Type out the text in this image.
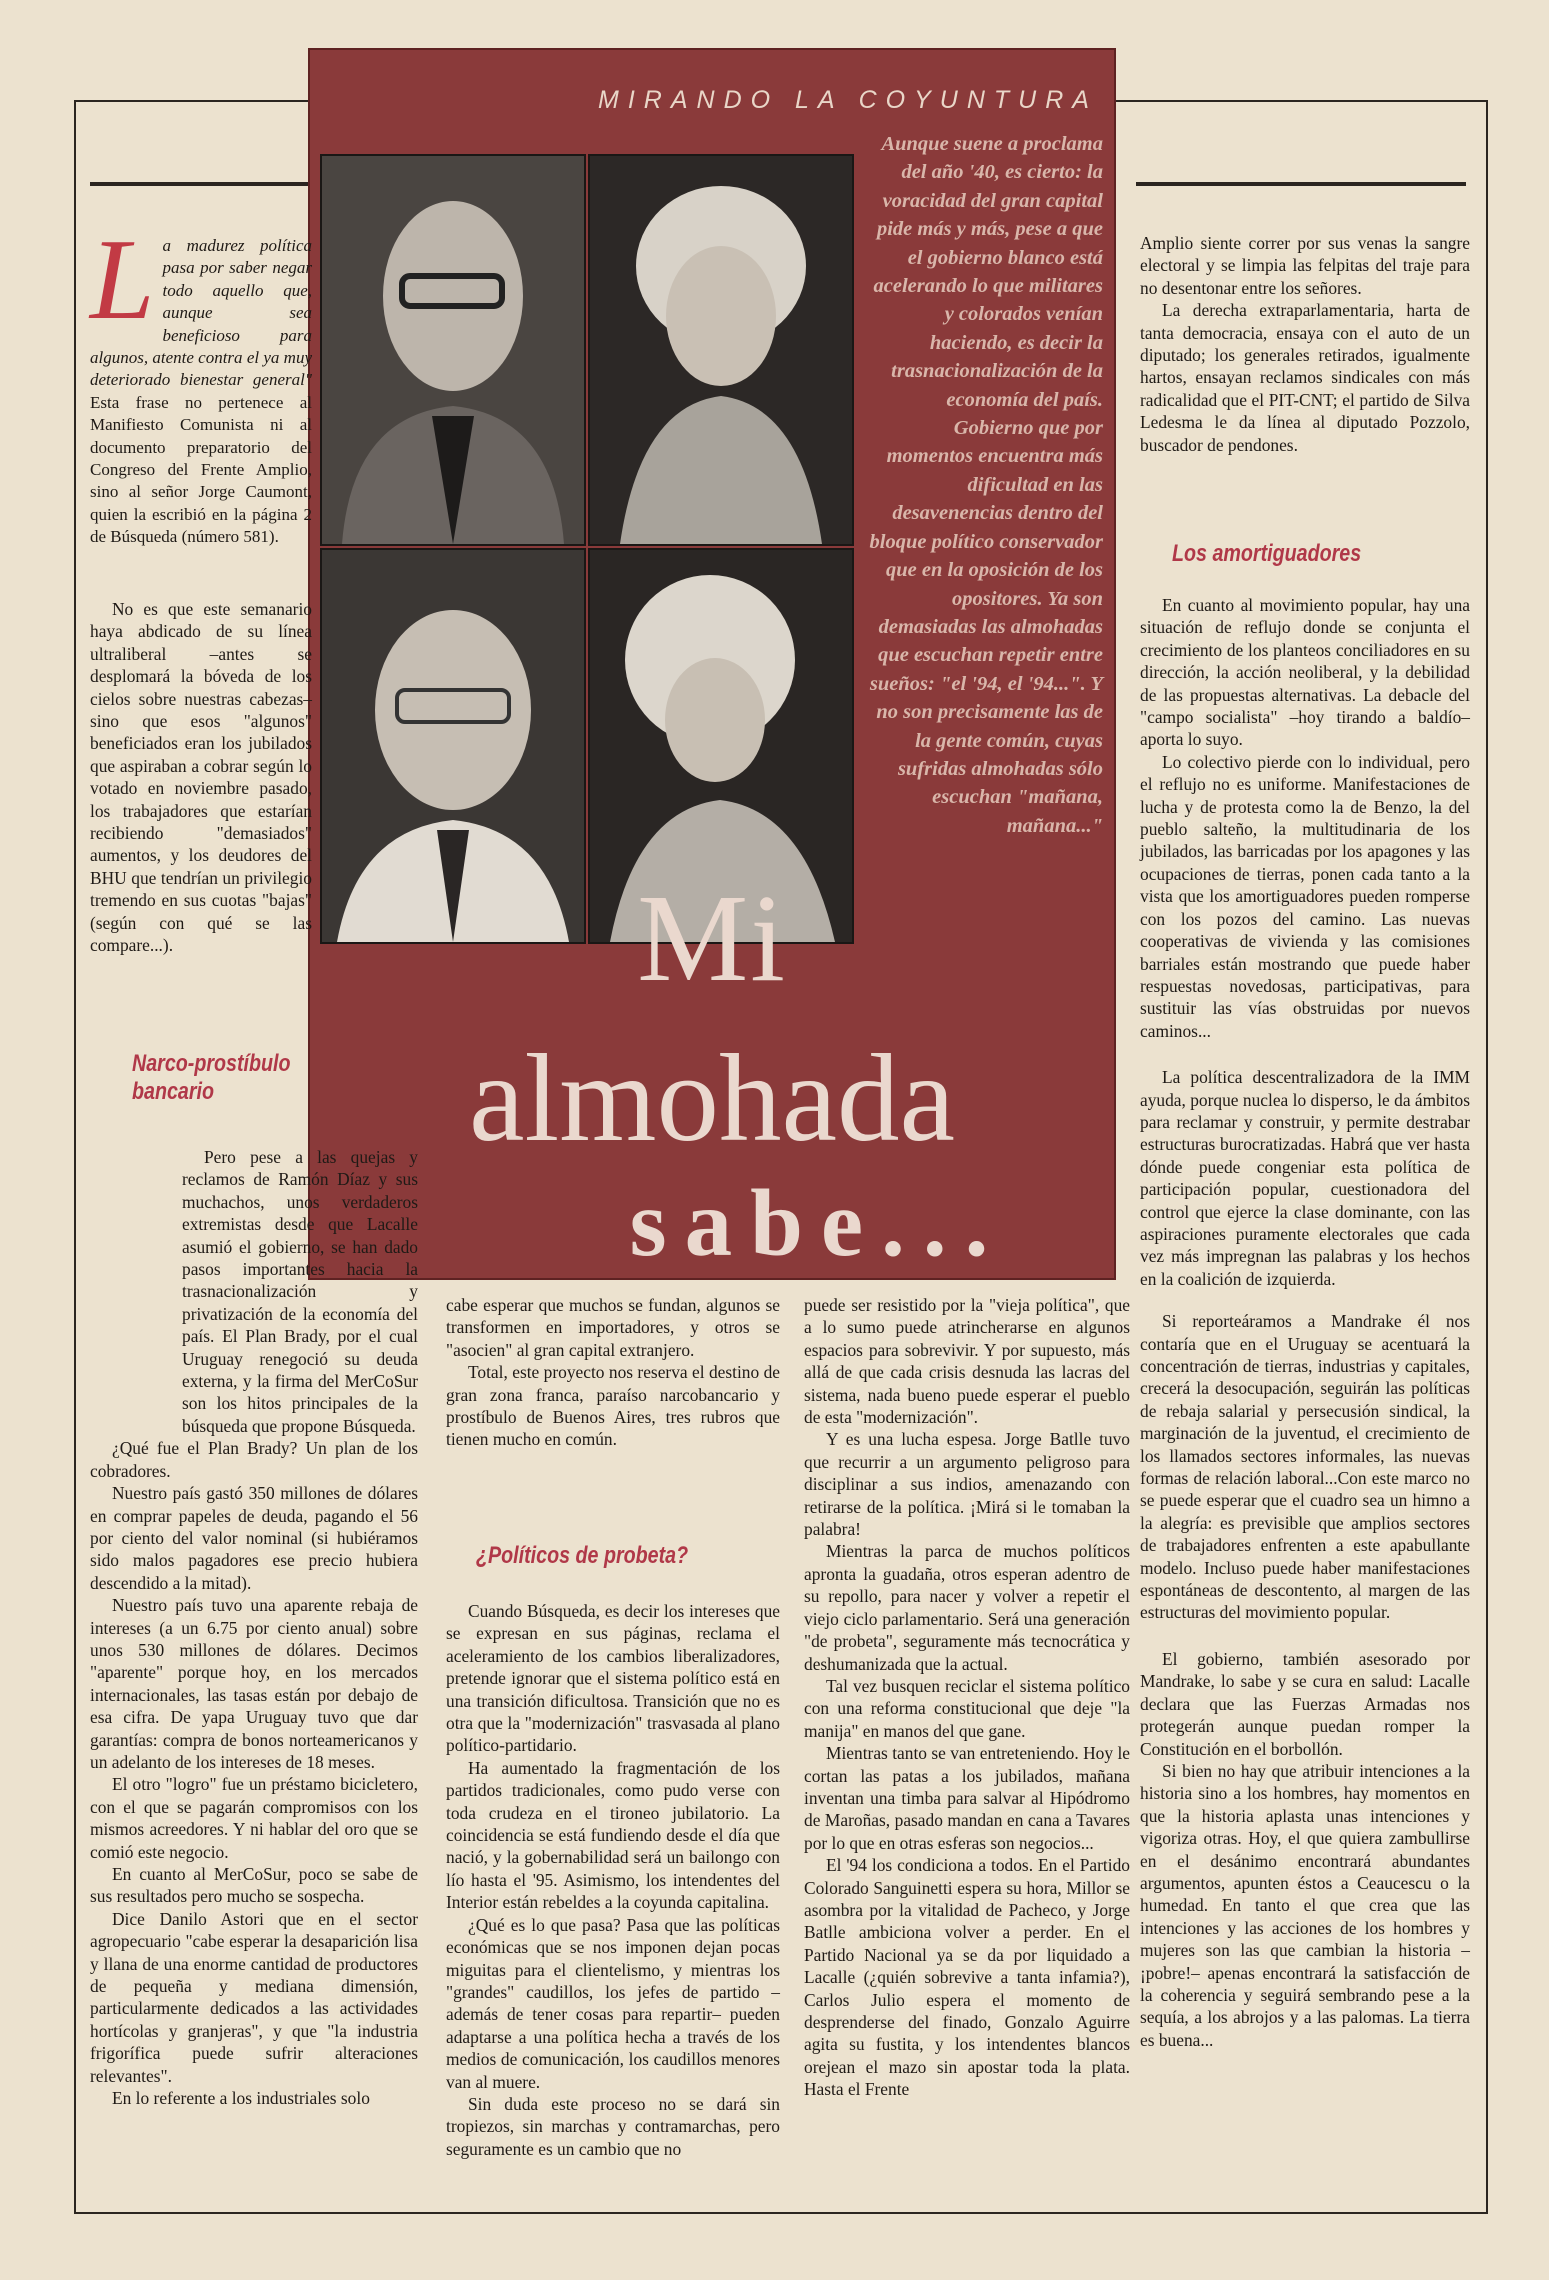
MIRANDO LA COYUNTURA

Aunque suene a proclama del año '40, es cierto: la voracidad del gran capital pide más y más, pese a que el gobierno blanco está acelerando lo que militares y colorados venían haciendo, es decir la trasnacionalización de la economía del país. Gobierno que por momentos encuentra más dificultad en las desavenencias dentro del bloque político conservador que en la oposición de los opositores. Ya son demasiadas las almohadas que escuchan repetir entre sueños: "el '94, el '94...". Y no son precisamente las de la gente común, cuyas sufridas almohadas sólo escuchan "mañana, mañana..."

Mi

almohada

sabe...

L a madurez política pasa por saber negar todo aquello que, aunque sea beneficioso para algunos, atente contra el ya muy deteriorado bienestar general" Esta frase no pertenece al Manifiesto Comunista ni al documento preparatorio del Congreso del Frente Amplio, sino al señor Jorge Caumont, quien la escribió en la página 2 de Búsqueda (número 581).

No es que este semanario haya abdicado de su línea ultraliberal –antes se desplomará la bóveda de los cielos sobre nuestras cabezas– sino que esos "algunos" beneficiados eran los jubilados que aspiraban a cobrar según lo votado en noviembre pasado, los trabajadores que estarían recibiendo "demasiados" aumentos, y los deudores del BHU que tendrían un privilegio tremendo en sus cuotas "bajas" (según con qué se las compare...).

Narco-prostíbulo bancario

Pero pese a las quejas y reclamos de Ramón Díaz y sus muchachos, unos verdaderos extremistas desde que Lacalle asumió el gobierno, se han dado pasos importantes hacia la trasnacionalización y privatización de la economía del país. El Plan Brady, por el cual Uruguay renegoció su deuda externa, y la firma del MerCoSur son los hitos principales de la búsqueda que propone Búsqueda.

¿Qué fue el Plan Brady? Un plan de los cobradores.

Nuestro país gastó 350 millones de dólares en comprar papeles de deuda, pagando el 56 por ciento del valor nominal (si hubiéramos sido malos pagadores ese precio hubiera descendido a la mitad).

Nuestro país tuvo una aparente rebaja de intereses (a un 6.75 por ciento anual) sobre unos 530 millones de dólares. Decimos "aparente" porque hoy, en los mercados internacionales, las tasas están por debajo de esa cifra. De yapa Uruguay tuvo que dar garantías: compra de bonos norteamericanos y un adelanto de los intereses de 18 meses.

El otro "logro" fue un préstamo bicicletero, con el que se pagarán compromisos con los mismos acreedores. Y ni hablar del oro que se comió este negocio.

En cuanto al MerCoSur, poco se sabe de sus resultados pero mucho se sospecha.

Dice Danilo Astori que en el sector agropecuario "cabe esperar la desaparición lisa y llana de una enorme cantidad de productores de pequeña y mediana dimensión, particularmente dedicados a las actividades hortícolas y granjeras", y que "la industria frigorífica puede sufrir alteraciones relevantes".

En lo referente a los industriales solo

cabe esperar que muchos se fundan, algunos se transformen en importadores, y otros se "asocien" al gran capital extranjero.

Total, este proyecto nos reserva el destino de gran zona franca, paraíso narcobancario y prostíbulo de Buenos Aires, tres rubros que tienen mucho en común.

¿Políticos de probeta?

Cuando Búsqueda, es decir los intereses que se expresan en sus páginas, reclama el aceleramiento de los cambios liberalizadores, pretende ignorar que el sistema político está en una transición dificultosa. Transición que no es otra que la "modernización" trasvasada al plano político-partidario.

Ha aumentado la fragmentación de los partidos tradicionales, como pudo verse con toda crudeza en el tironeo jubilatorio. La coincidencia se está fundiendo desde el día que nació, y la gobernabilidad será un bailongo con lío hasta el '95. Asimismo, los intendentes del Interior están rebeldes a la coyunda capitalina.

¿Qué es lo que pasa? Pasa que las políticas económicas que se nos imponen dejan pocas miguitas para el clientelismo, y mientras los "grandes" caudillos, los jefes de partido –además de tener cosas para repartir– pueden adaptarse a una política hecha a través de los medios de comunicación, los caudillos menores van al muere.

Sin duda este proceso no se dará sin tropiezos, sin marchas y contramarchas, pero seguramente es un cambio que no

puede ser resistido por la "vieja política", que a lo sumo puede atrincherarse en algunos espacios para sobrevivir. Y por supuesto, más allá de que cada crisis desnuda las lacras del sistema, nada bueno puede esperar el pueblo de esta "modernización".

Y es una lucha espesa. Jorge Batlle tuvo que recurrir a un argumento peligroso para disciplinar a sus indios, amenazando con retirarse de la política. ¡Mirá si le tomaban la palabra!

Mientras la parca de muchos políticos apronta la guadaña, otros esperan adentro de su repollo, para nacer y volver a repetir el viejo ciclo parlamentario. Será una generación "de probeta", seguramente más tecnocrática y deshumanizada que la actual.

Tal vez busquen reciclar el sistema político con una reforma constitucional que deje "la manija" en manos del que gane.

Mientras tanto se van entreteniendo. Hoy le cortan las patas a los jubilados, mañana inventan una timba para salvar al Hipódromo de Maroñas, pasado mandan en cana a Tavares por lo que en otras esferas son negocios...

El '94 los condiciona a todos. En el Partido Colorado Sanguinetti espera su hora, Millor se asombra por la vitalidad de Pacheco, y Jorge Batlle ambiciona volver a perder. En el Partido Nacional ya se da por liquidado a Lacalle (¿quién sobrevive a tanta infamia?), Carlos Julio espera el momento de desprenderse del finado, Gonzalo Aguirre agita su fustita, y los intendentes blancos orejean el mazo sin apostar toda la plata. Hasta el Frente

Amplio siente correr por sus venas la sangre electoral y se limpia las felpitas del traje para no desentonar entre los señores.

La derecha extraparlamentaria, harta de tanta democracia, ensaya con el auto de un diputado; los generales retirados, igualmente hartos, ensayan reclamos sindicales con más radicalidad que el PIT-CNT; el partido de Silva Ledesma le da línea al diputado Pozzolo, buscador de pendones.

Los amortiguadores

En cuanto al movimiento popular, hay una situación de reflujo donde se conjunta el crecimiento de los planteos conciliadores en su dirección, la acción neoliberal, y la debilidad de las propuestas alternativas. La debacle del "campo socialista" –hoy tirando a baldío– aporta lo suyo.

Lo colectivo pierde con lo individual, pero el reflujo no es uniforme. Manifestaciones de lucha y de protesta como la de Benzo, la del pueblo salteño, la multitudinaria de los jubilados, las barricadas por los apagones y las ocupaciones de tierras, ponen cada tanto a la vista que los amortiguadores pueden romperse con los pozos del camino. Las nuevas cooperativas de vivienda y las comisiones barriales están mostrando que puede haber respuestas novedosas, participativas, para sustituir las vías obstruidas por nuevos caminos...

La política descentralizadora de la IMM ayuda, porque nuclea lo disperso, le da ámbitos para reclamar y construir, y permite destrabar estructuras burocratizadas. Habrá que ver hasta dónde puede congeniar esta política de participación popular, cuestionadora del control que ejerce la clase dominante, con las aspiraciones puramente electorales que cada vez más impregnan las palabras y los hechos en la coalición de izquierda.

Si reporteáramos a Mandrake él nos contaría que en el Uruguay se acentuará la concentración de tierras, industrias y capitales, crecerá la desocupación, seguirán las políticas de rebaja salarial y persecusión sindical, la marginación de la juventud, el crecimiento de los llamados sectores informales, las nuevas formas de relación laboral...Con este marco no se puede esperar que el cuadro sea un himno a la alegría: es previsible que amplios sectores de trabajadores enfrenten a este apabullante modelo. Incluso puede haber manifestaciones espontáneas de descontento, al margen de las estructuras del movimiento popular.

El gobierno, también asesorado por Mandrake, lo sabe y se cura en salud: Lacalle declara que las Fuerzas Armadas nos protegerán aunque puedan romper la Constitución en el borbollón.

Si bien no hay que atribuir intenciones a la historia sino a los hombres, hay momentos en que la historia aplasta unas intenciones y vigoriza otras. Hoy, el que quiera zambullirse en el desánimo encontrará abundantes argumentos, apunten éstos a Ceaucescu o la humedad. En tanto el que crea que las intenciones y las acciones de los hombres y mujeres son las que cambian la historia –¡pobre!– apenas encontrará la satisfacción de la coherencia y seguirá sembrando pese a la sequía, a los abrojos y a las palomas. La tierra es buena...
